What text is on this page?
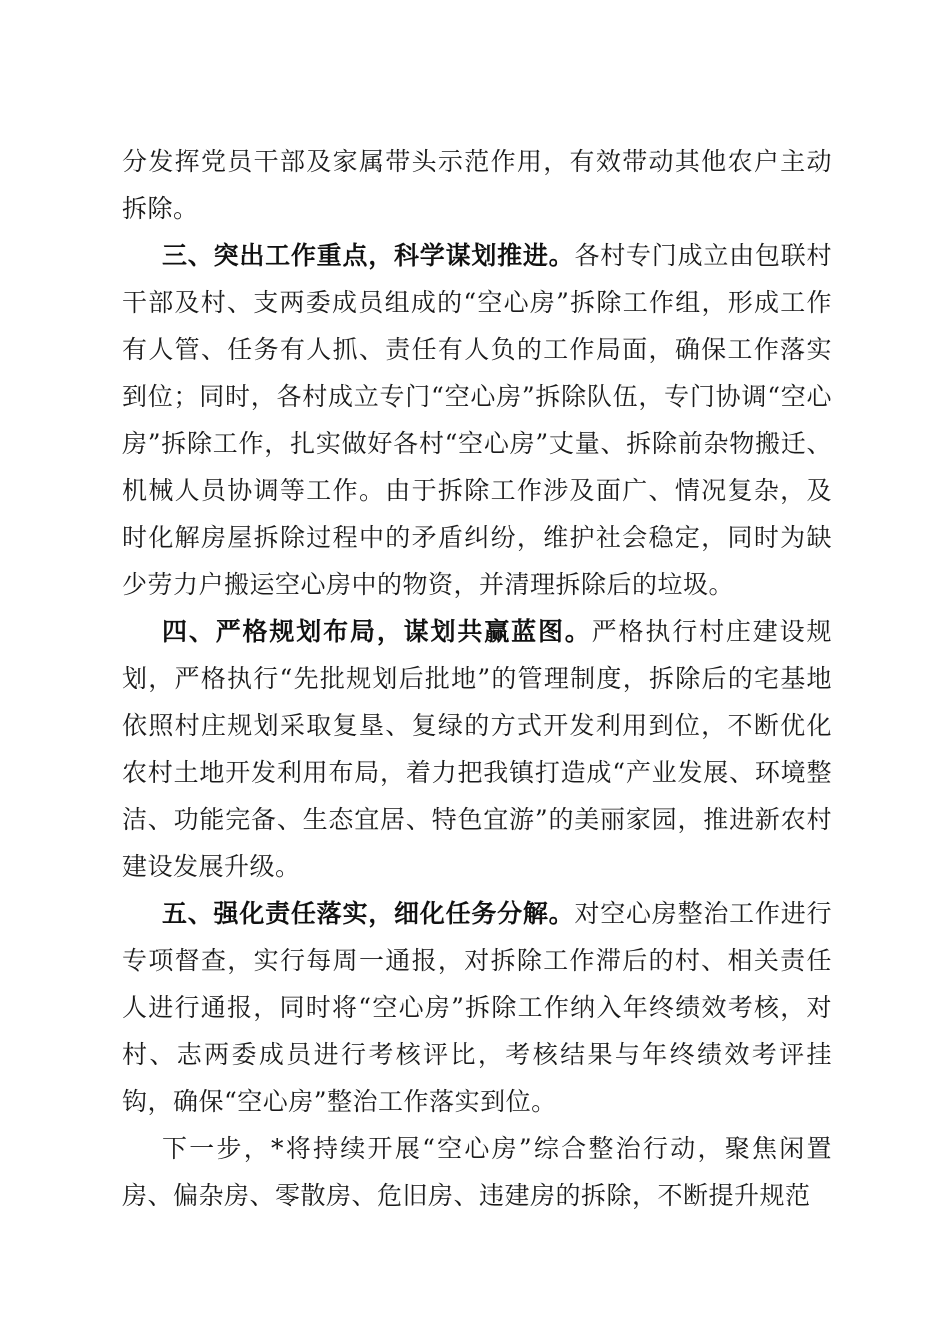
分发挥党员干部及家属带头示范作用，有效带动其他农户主动拆除。

三、突出工作重点，科学谋划推进。各村专门成立由包联村干部及村、支两委成员组成的“空心房”拆除工作组，形成工作有人管、任务有人抓、责任有人负的工作局面，确保工作落实到位；同时，各村成立专门“空心房”拆除队伍，专门协调“空心房”拆除工作，扎实做好各村“空心房”丈量、拆除前杂物搬迁、机械人员协调等工作。由于拆除工作涉及面广、情况复杂，及时化解房屋拆除过程中的矛盾纠纷，维护社会稳定，同时为缺少劳力户搬运空心房中的物资，并清理拆除后的垃圾。

四、严格规划布局，谋划共赢蓝图。严格执行村庄建设规划，严格执行“先批规划后批地”的管理制度，拆除后的宅基地依照村庄规划采取复垦、复绿的方式开发利用到位，不断优化农村土地开发利用布局，着力把我镇打造成“产业发展、环境整洁、功能完备、生态宜居、特色宜游”的美丽家园，推进新农村建设发展升级。

五、强化责任落实，细化任务分解。对空心房整治工作进行专项督查，实行每周一通报，对拆除工作滞后的村、相关责任人进行通报，同时将“空心房”拆除工作纳入年终绩效考核，对村、志两委成员进行考核评比，考核结果与年终绩效考评挂钩，确保“空心房”整治工作落实到位。

下一步，*将持续开展“空心房”综合整治行动，聚焦闲置房、偏杂房、零散房、危旧房、违建房的拆除，不断提升规范
